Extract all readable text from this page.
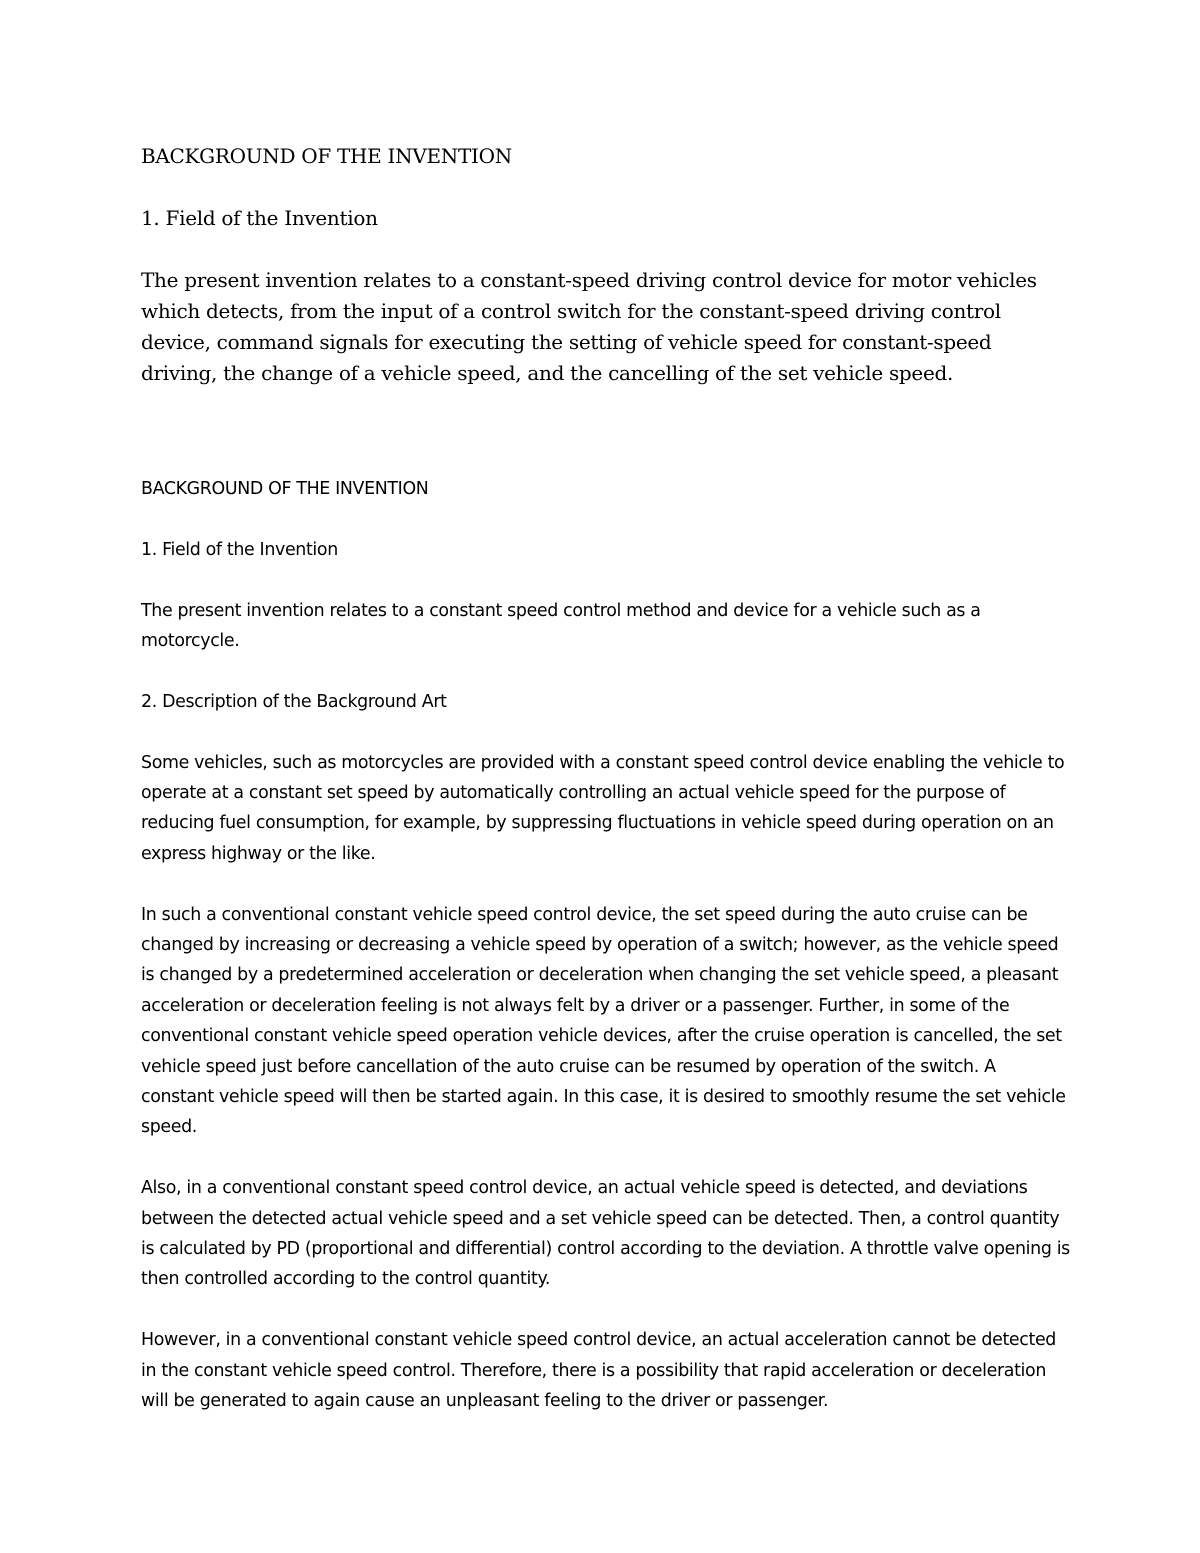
BACKGROUND OF THE INVENTION

1. Field of the Invention

The present invention relates to a constant-speed driving control device for motor vehicles which detects, from the input of a control switch for the constant-speed driving control device, command signals for executing the setting of vehicle speed for constant-speed driving, the change of a vehicle speed, and the cancelling of the set vehicle speed.

BACKGROUND OF THE INVENTION

1. Field of the Invention

The present invention relates to a constant speed control method and device for a vehicle such as a motorcycle.

2. Description of the Background Art

Some vehicles, such as motorcycles are provided with a constant speed control device enabling the vehicle to operate at a constant set speed by automatically controlling an actual vehicle speed for the purpose of reducing fuel consumption, for example, by suppressing fluctuations in vehicle speed during operation on an express highway or the like.

In such a conventional constant vehicle speed control device, the set speed during the auto cruise can be changed by increasing or decreasing a vehicle speed by operation of a switch; however, as the vehicle speed is changed by a predetermined acceleration or deceleration when changing the set vehicle speed, a pleasant acceleration or deceleration feeling is not always felt by a driver or a passenger. Further, in some of the conventional constant vehicle speed operation vehicle devices, after the cruise operation is cancelled, the set vehicle speed just before cancellation of the auto cruise can be resumed by operation of the switch. A constant vehicle speed will then be started again. In this case, it is desired to smoothly resume the set vehicle speed.

Also, in a conventional constant speed control device, an actual vehicle speed is detected, and deviations between the detected actual vehicle speed and a set vehicle speed can be detected. Then, a control quantity is calculated by PD (proportional and differential) control according to the deviation. A throttle valve opening is then controlled according to the control quantity.

However, in a conventional constant vehicle speed control device, an actual acceleration cannot be detected in the constant vehicle speed control. Therefore, there is a possibility that rapid acceleration or deceleration will be generated to again cause an unpleasant feeling to the driver or passenger.
